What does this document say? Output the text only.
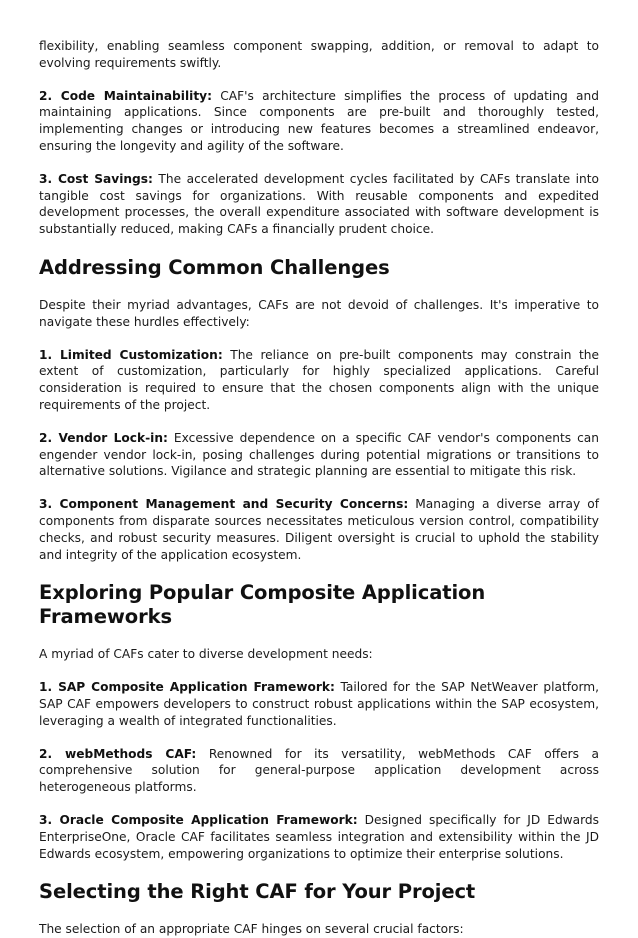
flexibility, enabling seamless component swapping, addition, or removal to adapt to evolving requirements swiftly.

2. Code Maintainability: CAF's architecture simplifies the process of updating and maintaining applications. Since components are pre-built and thoroughly tested, implementing changes or introducing new features becomes a streamlined endeavor, ensuring the longevity and agility of the software.

3. Cost Savings: The accelerated development cycles facilitated by CAFs translate into tangible cost savings for organizations. With reusable components and expedited development processes, the overall expenditure associated with software development is substantially reduced, making CAFs a financially prudent choice.

Addressing Common Challenges

Despite their myriad advantages, CAFs are not devoid of challenges. It's imperative to navigate these hurdles effectively:

1. Limited Customization: The reliance on pre-built components may constrain the extent of customization, particularly for highly specialized applications. Careful consideration is required to ensure that the chosen components align with the unique requirements of the project.

2. Vendor Lock-in: Excessive dependence on a specific CAF vendor's components can engender vendor lock-in, posing challenges during potential migrations or transitions to alternative solutions. Vigilance and strategic planning are essential to mitigate this risk.

3. Component Management and Security Concerns: Managing a diverse array of components from disparate sources necessitates meticulous version control, compatibility checks, and robust security measures. Diligent oversight is crucial to uphold the stability and integrity of the application ecosystem.

Exploring Popular Composite Application Frameworks

A myriad of CAFs cater to diverse development needs:

1. SAP Composite Application Framework: Tailored for the SAP NetWeaver platform, SAP CAF empowers developers to construct robust applications within the SAP ecosystem, leveraging a wealth of integrated functionalities.

2. webMethods CAF: Renowned for its versatility, webMethods CAF offers a comprehensive solution for general-purpose application development across heterogeneous platforms.

3. Oracle Composite Application Framework: Designed specifically for JD Edwards EnterpriseOne, Oracle CAF facilitates seamless integration and extensibility within the JD Edwards ecosystem, empowering organizations to optimize their enterprise solutions.

Selecting the Right CAF for Your Project

The selection of an appropriate CAF hinges on several crucial factors:
